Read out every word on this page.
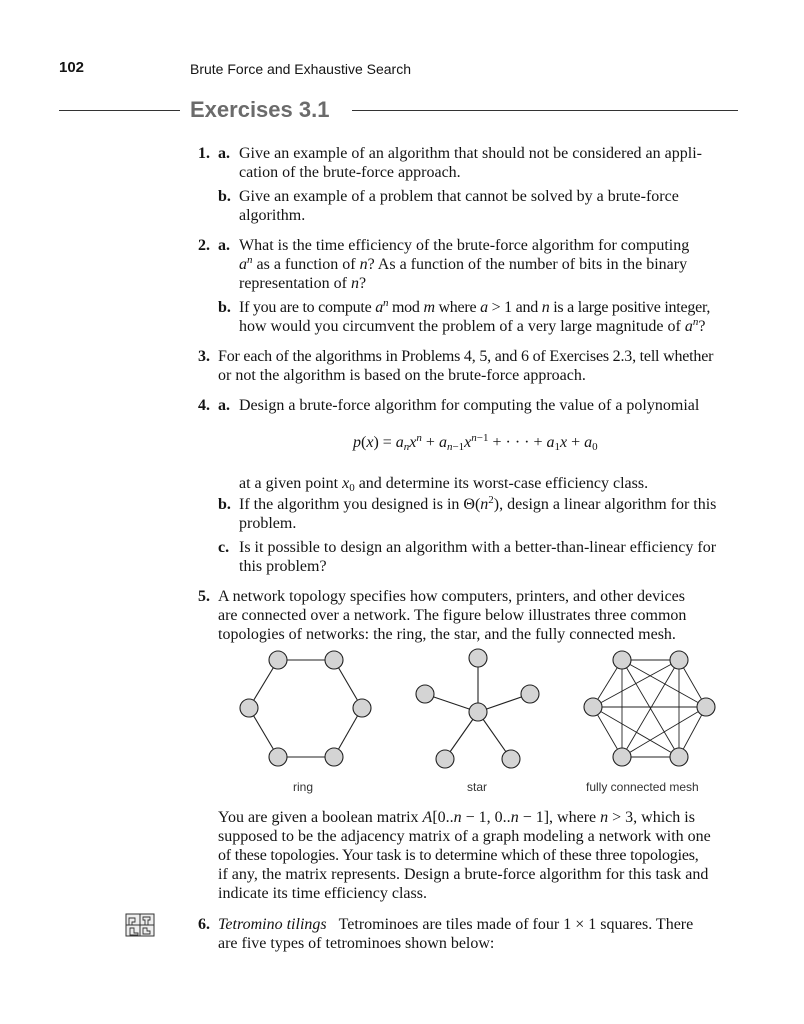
102	Brute Force and Exhaustive Search
Exercises 3.1
1. a. Give an example of an algorithm that should not be considered an appli-
cation of the brute-force approach.
b. Give an example of a problem that cannot be solved by a brute-force
algorithm.
2. a. What is the time efficiency of the brute-force algorithm for computing
$a^n$ as a function of n? As a function of the number of bits in the binary
representation of n?
b. If you are to compute $a^n$ mod m where a > 1 and n is a large positive integer,
how would you circumvent the problem of a very large magnitude of $a^n$?
3. For each of the algorithms in Problems 4, 5, and 6 of Exercises 2.3, tell whether
or not the algorithm is based on the brute-force approach.
4. a. Design a brute-force algorithm for computing the value of a polynomial
$p(x) = a_nx^n + a_{n-1}x^{n-1}$ + · · · + $a_1x + a_0$
at a given point $x_0$ and determine its worst-case efficiency class.
b. If the algorithm you designed is in $\Theta(n^2)$, design a linear algorithm for this
problem.
c. Is it possible to design an algorithm with a better-than-linear efficiency for
this problem?
5. A network topology specifies how computers, printers, and other devices
are connected over a network. The figure below illustrates three common
topologies of networks: the ring, the star, and the fully connected mesh.
ring	star	fully connected mesh
You are given a boolean matrix A[0..n − 1, 0..n − 1], where n > 3, which is
supposed to be the adjacency matrix of a graph modeling a network with one
of these topologies. Your task is to determine which of these three topologies,
if any, the matrix represents. Design a brute-force algorithm for this task and
indicate its time efficiency class.
6. Tetromino tilings Tetrominoes are tiles made of four 1 × 1 squares. There
are five types of tetrominoes shown below:
